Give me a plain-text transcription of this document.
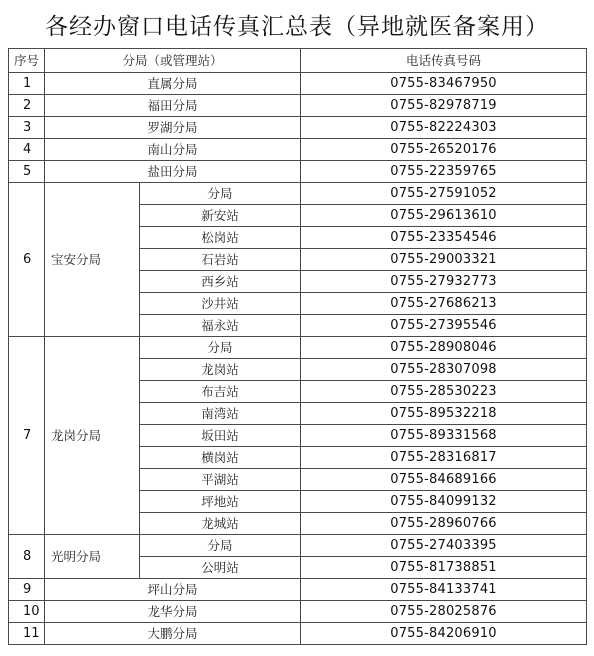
各经办窗口电话传真汇总表（异地就医备案用）
序号	分局（或管理站）		电话传真号码
1	直属分局		0755-83467950
2	福田分局		0755-82978719
3	罗湖分局		0755-82224303
4	南山分局		0755-26520176
5	盐田分局		0755-22359765
6	宝安分局	分局	0755-27591052
		新安站	0755-29613610
		松岗站	0755-23354546
		石岩站	0755-29003321
		西乡站	0755-27932773
		沙井站	0755-27686213
		福永站	0755-27395546
7	龙岗分局	分局	0755-28908046
		龙岗站	0755-28307098
		布吉站	0755-28530223
		南湾站	0755-89532218
		坂田站	0755-89331568
		横岗站	0755-28316817
		平湖站	0755-84689166
		坪地站	0755-84099132
		龙城站	0755-28960766
8	光明分局	分局	0755-27403395
		公明站	0755-81738851
9	坪山分局		0755-84133741
10	龙华分局		0755-28025876
11	大鹏分局		0755-84206910
